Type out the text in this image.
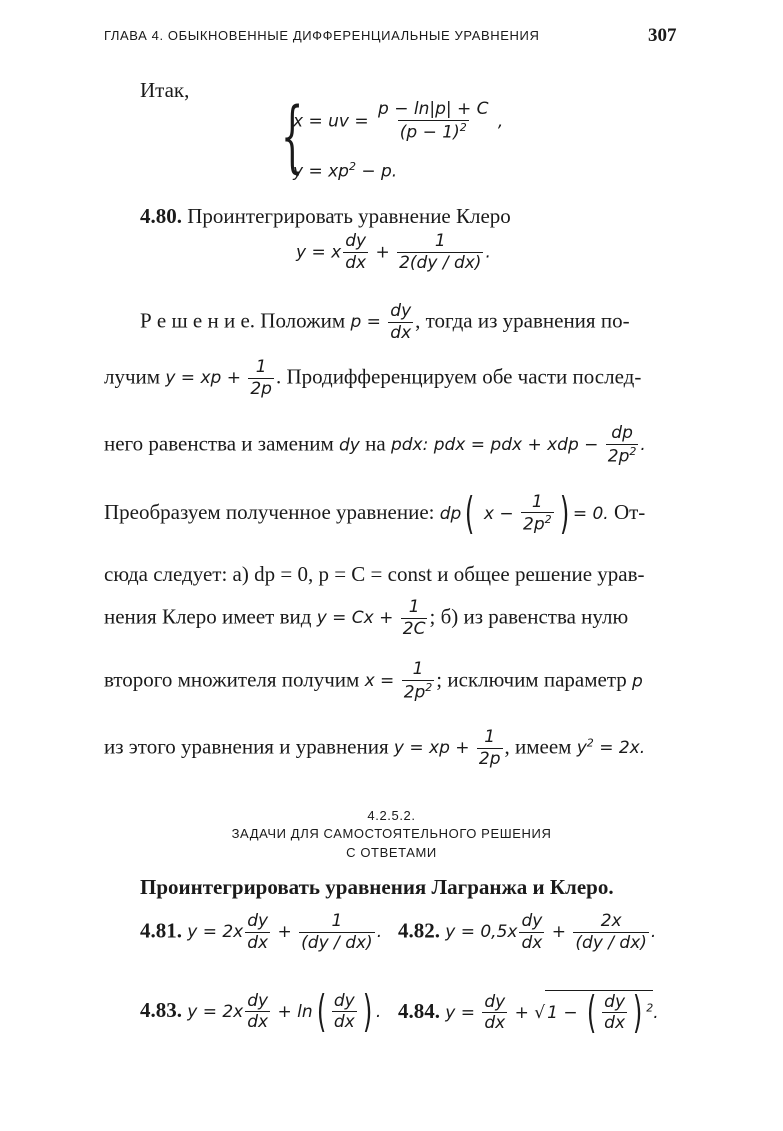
ГЛАВА 4. ОБЫКНОВЕННЫЕ ДИФФЕРЕНЦИАЛЬНЫЕ УРАВНЕНИЯ	307
Итак,
{
x = uv = $\frac{p - \ln|p| + C}{(p - 1)^2}$ ,
$y = xp^2 - p$.
4.80. Проинтегрировать уравнение Клеро
y = x $\frac{dy}{dx} + \frac{1}{2(dy / dx)}$ .
Р е ш е н и е. Положим $p = \frac{dy}{dx}$ , тогда из уравнения по-
лучим y = xp + $\frac{1}{2p}$ . Продифференцируем обе части послед-
него равенства и заменим dy на pdx: pdx = pdx + xdp − $\frac{dp}{2p^2}$ .
Преобразуем полученное уравнение: dp( $x - \frac{1}{2p^2}$ ) = 0. От-
сюда следует: а) dp = 0, p = C = const и общее решение урав-
нения Клеро имеет вид $y = Cx + \frac{1}{2C}$ ; б) из равенства нулю
второго множителя получим $x = \frac{1}{2p^2}$ ; исключим параметр p
из этого уравнения и уравнения y = xp + $\frac{1}{2p}$ , имеем $y^2 = 2x$.
4.2.5.2.
ЗАДАЧИ ДЛЯ САМОСТОЯТЕЛЬНОГО РЕШЕНИЯ
С ОТВЕТАМИ
Проинтегрировать уравнения Лагранжа и Клеро.
4.81. $y = 2x \frac{dy}{dx} + \frac{1}{(dy / dx)}$ . 4.82. $y = 0,5x \frac{dy}{dx} + \frac{2x}{(dy / dx)}$ .
4.83. $y = 2x \frac{dy}{dx} + \ln( \frac{dy}{dx}$ ) . 4.84. $y = \frac{dy}{dx}$ + √ 1 − ( $\frac{dy}{dx}$ ) $^2$.
